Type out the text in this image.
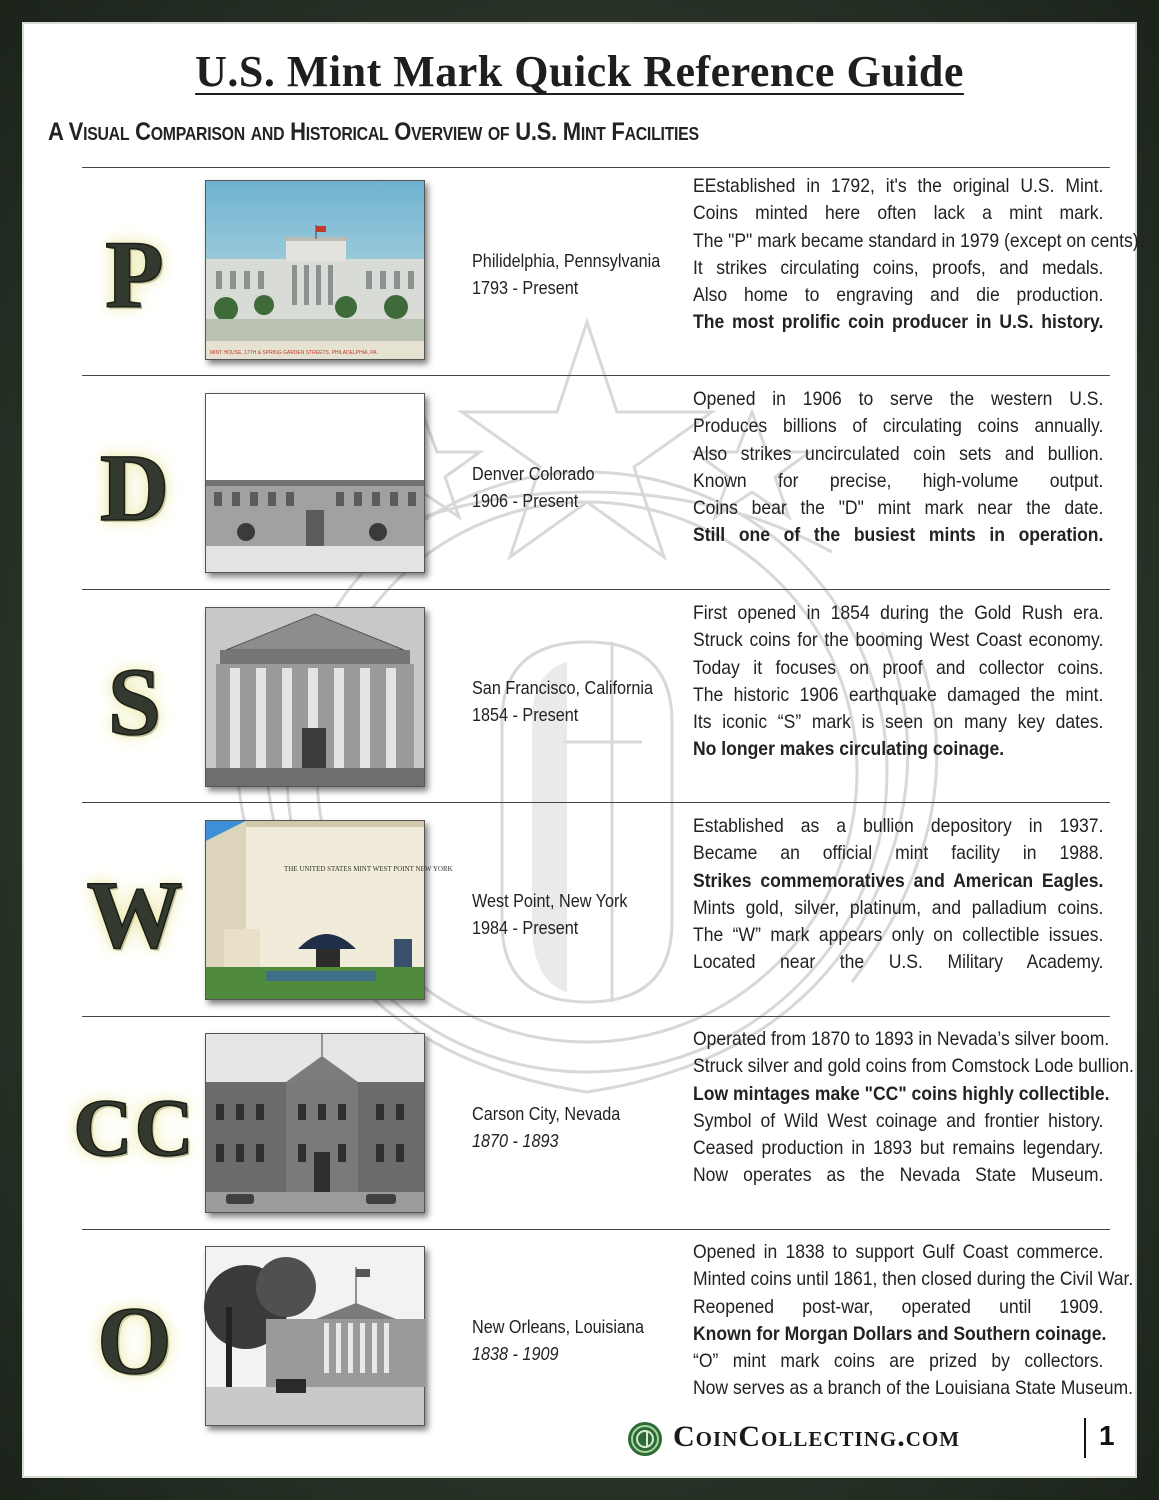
U.S. Mint Mark Quick Reference Guide
A Visual Comparison and Historical Overview of U.S. Mint Facilities
P
MINT HOUSE, 17TH & SPRING GARDEN STREETS, PHILADELPHIA, PA.
Philidelphia, Pennsylvania
1793 - Present

EEstablished in 1792, it's the original U.S. Mint.

Coins minted here often lack a mint mark.

The "P" mark became standard in 1979 (except on cents).

It strikes circulating coins, proofs, and medals.

Also home to engraving and die production.

The most prolific coin producer in U.S. history.

D	Denver Colorado
1906 - Present

Opened in 1906 to serve the western U.S.

Produces billions of circulating coins annually.

Also strikes uncirculated coin sets and bullion.

Known for precise, high-volume output.

Coins bear the "D" mint mark near the date.

Still one of the busiest mints in operation.

S	San Francisco, California
1854 - Present

First opened in 1854 during the Gold Rush era.

Struck coins for the booming West Coast economy.

Today it focuses on proof and collector coins.

The historic 1906 earthquake damaged the mint.

Its iconic “S” mark is seen on many key dates.

No longer makes circulating coinage.

W	THE UNITED STATES MINT WEST POINT NEW YORK
West Point, New York
1984 - Present

Established as a bullion depository in 1937.

Became an official mint facility in 1988.

Strikes commemoratives and American Eagles.

Mints gold, silver, platinum, and palladium coins.

The “W” mark appears only on collectible issues.

Located near the U.S. Military Academy.

CC	Carson City, Nevada
1870 - 1893

Operated from 1870 to 1893 in Nevada’s silver boom.

Struck silver and gold coins from Comstock Lode bullion.

Low mintages make "CC" coins highly collectible.

Symbol of Wild West coinage and frontier history.

Ceased production in 1893 but remains legendary.

Now operates as the Nevada State Museum.

O	New Orleans, Louisiana
1838 - 1909

Opened in 1838 to support Gulf Coast commerce.

Minted coins until 1861, then closed during the Civil War.

Reopened post-war, operated until 1909.

Known for Morgan Dollars and Southern coinage.

“O” mint mark coins are prized by collectors.

Now serves as a branch of the Louisiana State Museum.

CoinCollecting.com	1
